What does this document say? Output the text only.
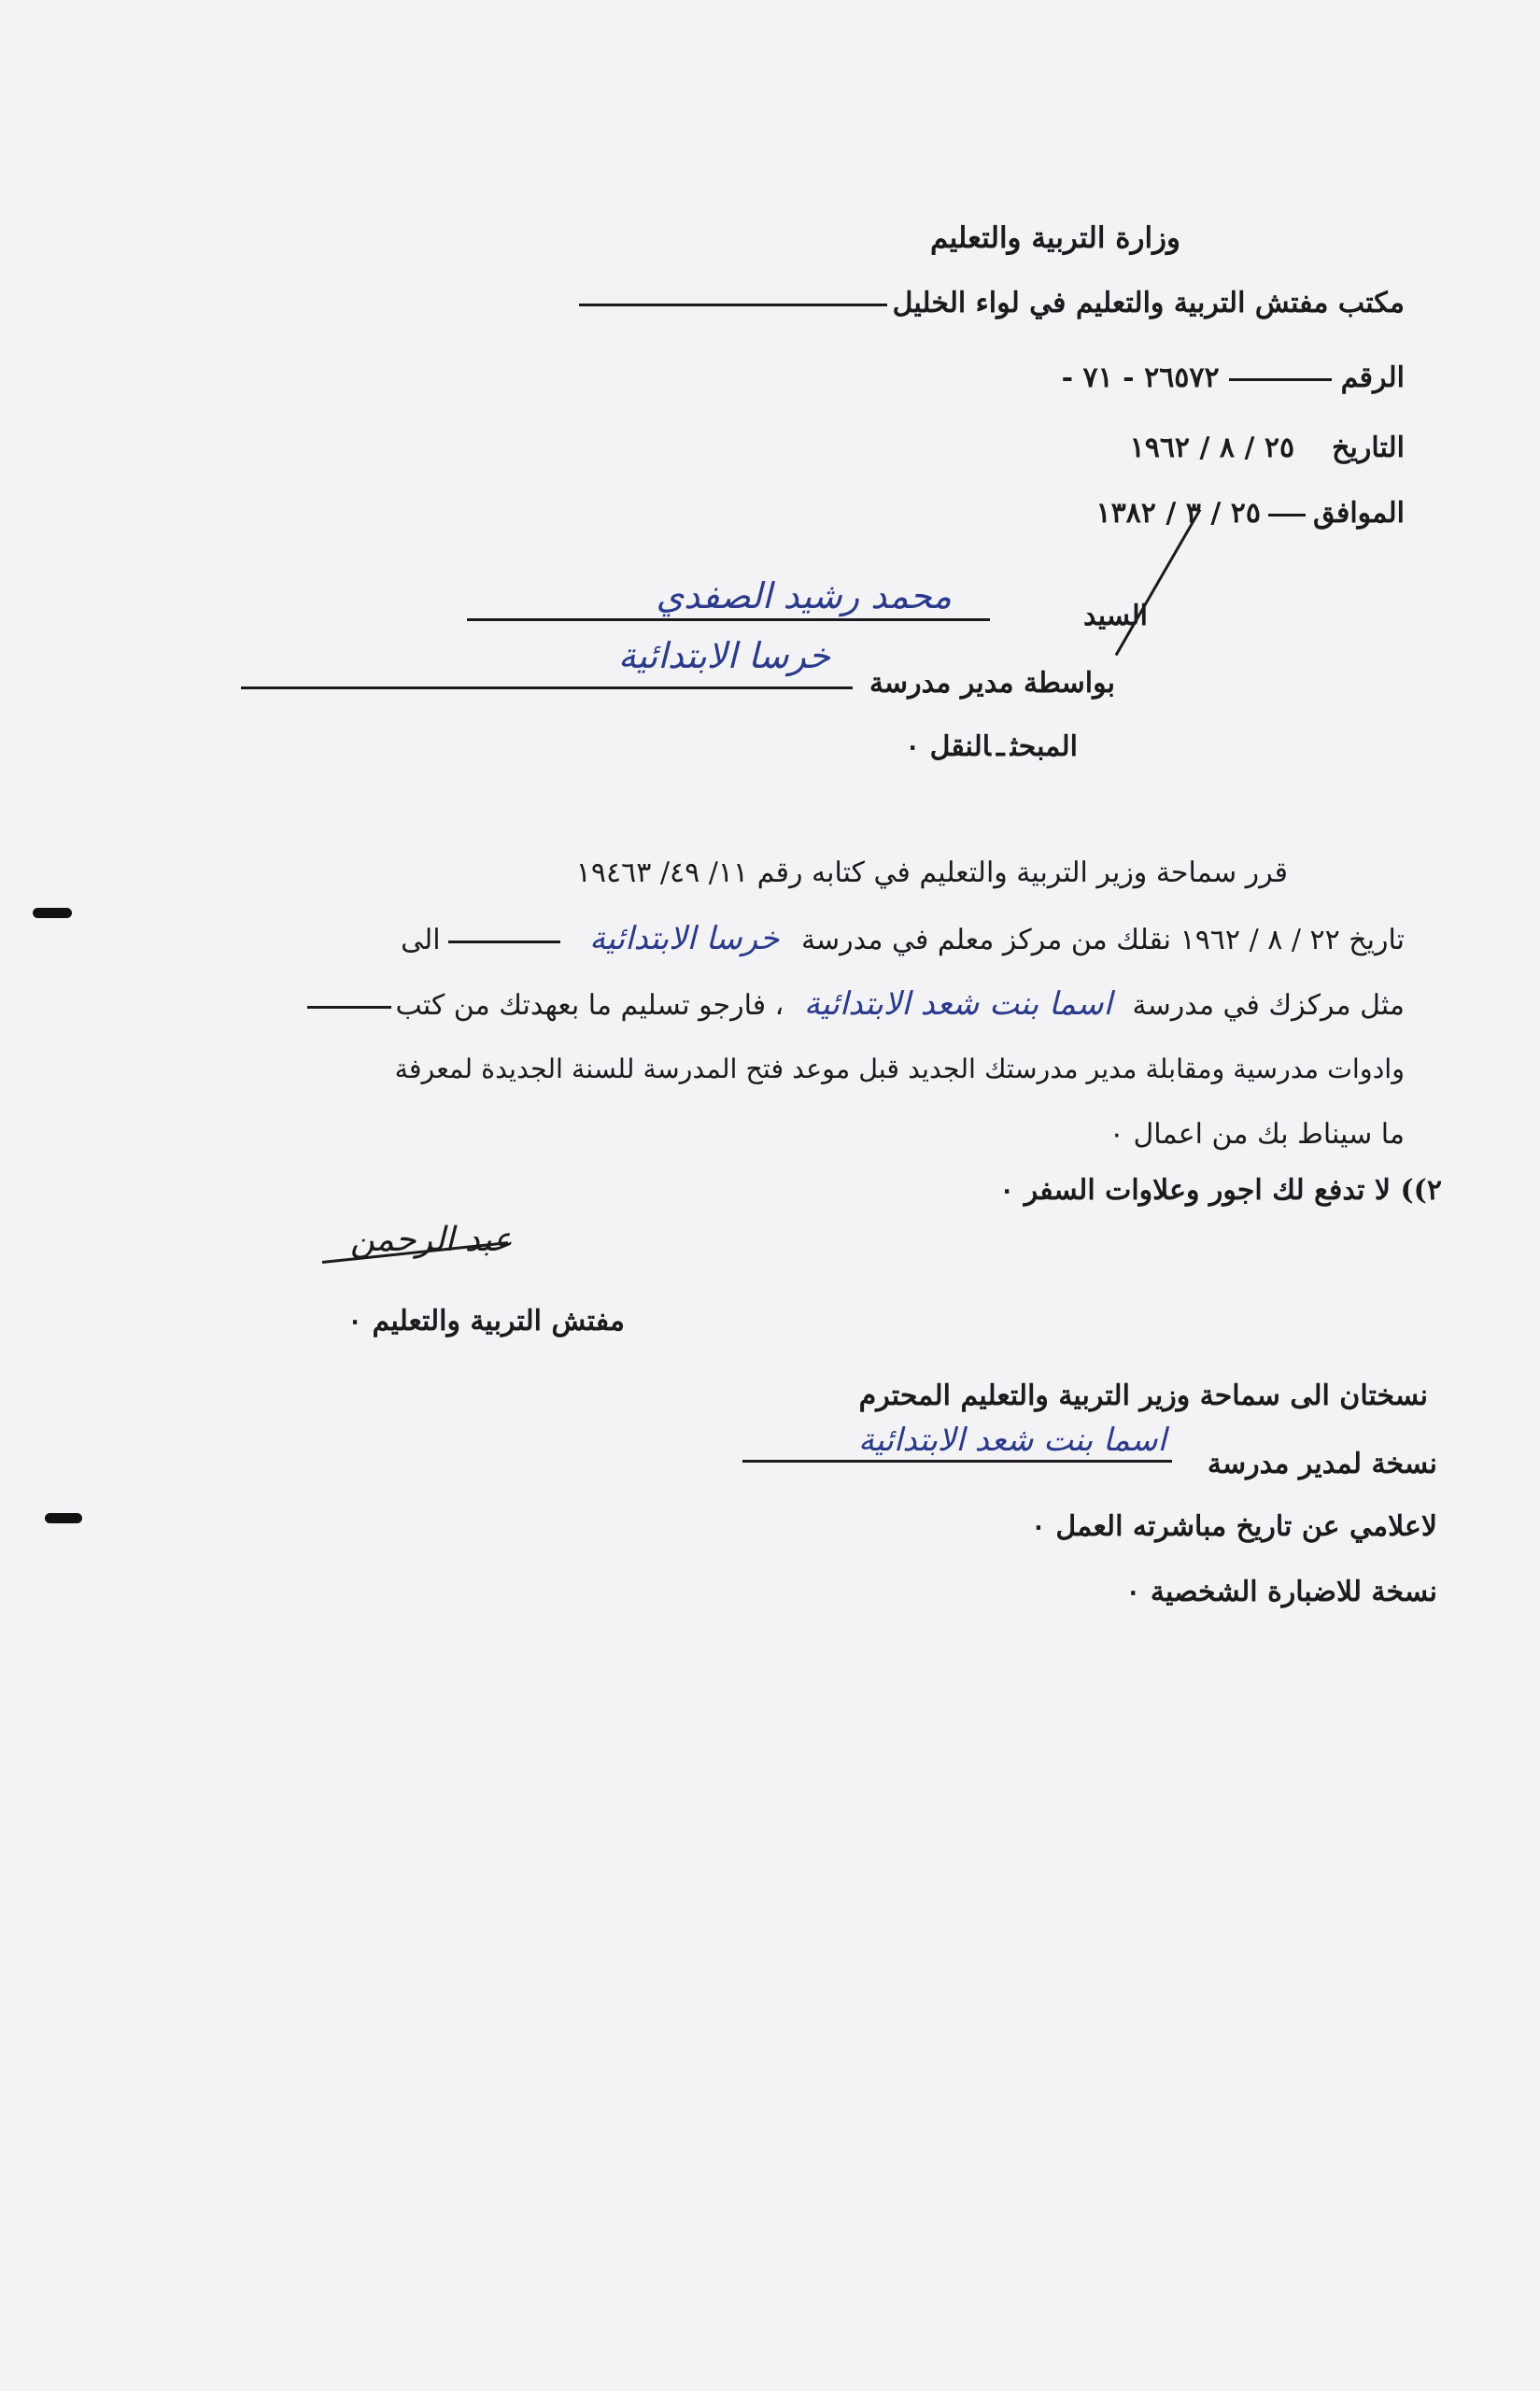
وزارة التربية والتعليم
مكتب مفتش التربية والتعليم في لواء الخليل
الرقم٢٦٥٧٢ - ٧١ -
التاريخ٢٥ / ٨ / ١٩٦٢
الموافق٢٥ / ٣ / ١٣٨٢
السيد
محمد رشيد الصفدي
بواسطة مدير مدرسة
خرسا الابتدائية
المبحثـالنقل ٠
قرر سماحة وزير التربية والتعليم في كتابه رقم ١١/ ٤٩/ ١٩٤٦٣
تاريخ ٢٢ / ٨ / ١٩٦٢ نقلك من مركز معلم في مدرسة خرسا الابتدائية الى
مثل مركزك في مدرسة اسما بنت شعد الابتدائية ، فارجو تسليم ما بعهدتك من كتب
وادوات مدرسية ومقابلة مدير مدرستك الجديد قبل موعد فتح المدرسة للسنة الجديدة لمعرفة
ما سيناط بك من اعمال ٠
٢)) لا تدفع لك اجور وعلاوات السفر ٠
عبد الرحمن
مفتش التربية والتعليم ٠
نسختان الى سماحة وزير التربية والتعليم المحترم
نسخة لمدير مدرسة
اسما بنت شعد الابتدائية
لاعلامي عن تاريخ مباشرته العمل ٠
نسخة للاضبارة الشخصية ٠
